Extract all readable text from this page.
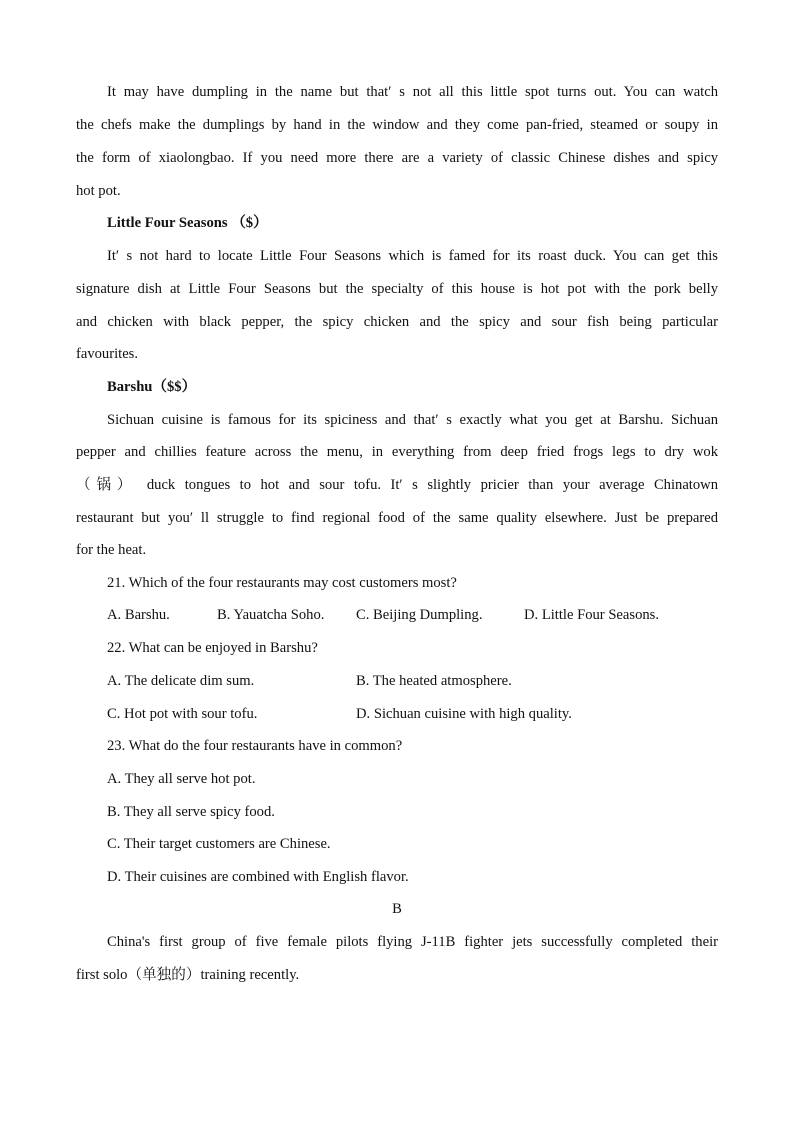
It may have dumpling in the name but that′ s not all this little spot turns out. You can watch
the chefs make the dumplings by hand in the window and they come pan-fried, steamed or soupy in
the form of xiaolongbao. If you need more there are a variety of classic Chinese dishes and spicy
hot pot.
Little Four Seasons （$）
It′ s not hard to locate Little Four Seasons which is famed for its roast duck. You can get this
signature dish at Little Four Seasons but the specialty of this house is hot pot with the pork belly
and chicken with black pepper, the spicy chicken and the spicy and sour fish being particular
favourites.
Barshu（$$）
Sichuan cuisine is famous for its spiciness and that′ s exactly what you get at Barshu. Sichuan
pepper and chillies feature across the menu, in everything from deep fried frogs legs to dry wok
（锅） duck tongues to hot and sour tofu. It′ s slightly pricier than your average Chinatown
restaurant but you′ ll struggle to find regional food of the same quality elsewhere. Just be prepared
for the heat.
21. Which of the four restaurants may cost customers most?
A. Barshu.	B. Yauatcha Soho. C. Beijing Dumpling.	D. Little Four Seasons.
22. What can be enjoyed in Barshu?
A. The delicate dim sum.	B. The heated atmosphere.
C. Hot pot with sour tofu.	D. Sichuan cuisine with high quality.
23. What do the four restaurants have in common?
A. They all serve hot pot.
B. They all serve spicy food.
C. Their target customers are Chinese.
D. Their cuisines are combined with English flavor.
B
China's first group of five female pilots flying J-11B fighter jets successfully completed their
first solo（单独的）training recently.
